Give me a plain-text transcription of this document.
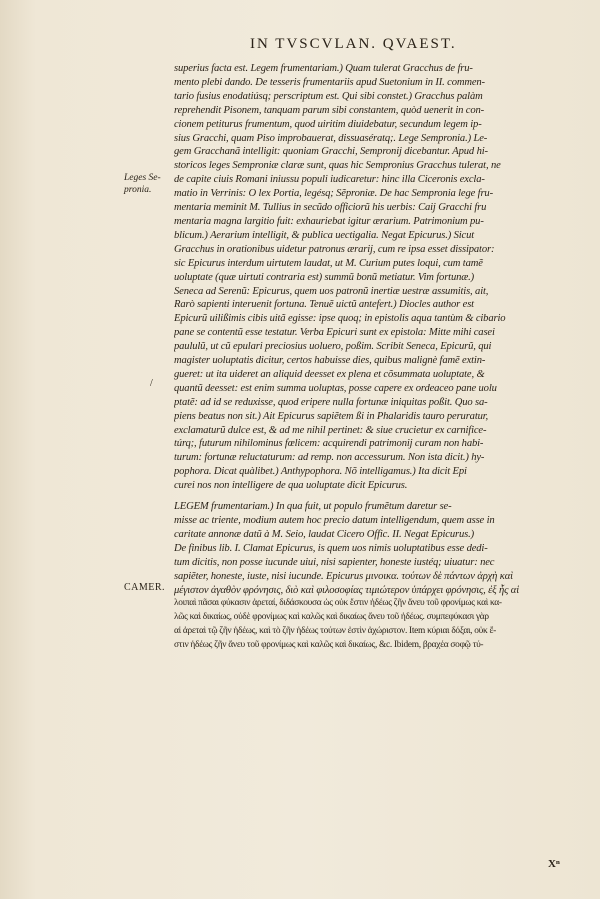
IN TVSCVLAN. QVAEST.
Leges Se-
pronia.
/
CAMER.
superius facta est. Legem frumentariam.) Quam tulerat Gracchus de fru-
mento plebi dando. De tesseris frumentariis apud Suetonium in II. commen-
tario fusius enodatiúsq; perscriptum est. Qui sibi constet.) Gracchus palàm
reprehendit Pisonem, tanquam parum sibi constantem, quòd uenerit in con-
cionem petiturus frumentum, quod uiritim diuidebatur, secundum legem ip-
sius Gracchi, quam Piso improbauerat, dissuasératq;. Lege Sempronia.) Le-
gem Gracchanã intelligit: quoniam Gracchi, Sempronij dicebantur. Apud hi-
storicos leges Semproniæ claræ sunt, quas hic Sempronius Gracchus tulerat, ne
de capite ciuis Romani iniussu populi iudicaretur: hinc illa Ciceronis excla-
matio in Verrinis: O lex Portia, legésq; Sẽproniæ. De hac Sempronia lege fru-
mentaria meminit M. Tullius in secũdo officiorũ his uerbis: Caij Gracchi fru
mentaria magna largitio fuit: exhauriebat igitur ærarium. Patrimonium pu-
blicum.) Aerarium intelligit, & publica uectigalia. Negat Epicurus.) Sicut
Gracchus in orationibus uidetur patronus ærarij, cum re ipsa esset dissipator:
sic Epicurus interdum uirtutem laudat, ut M. Curium putes loqui, cum tamẽ
uoluptate (quæ uirtuti contraria est) summũ bonũ metiatur. Vim fortunæ.)
Seneca ad Serenũ: Epicurus, quem uos patronũ inertiæ uestræ assumitis, ait,
Rarò sapienti interuenit fortuna. Tenuẽ uictũ antefert.) Diocles author est
Epicurũ uilißimis cibis uitã egisse: ipse quoq; in epistolis aqua tantùm & cibario
pane se contentũ esse testatur. Verba Epicuri sunt ex epistola: Mitte mihi casei
paululũ, ut cũ epulari preciosius uoluero, poßim. Scribit Seneca, Epicurũ, qui
magister uoluptatis dicitur, certos habuisse dies, quibus malignè famẽ extin-
gueret: ut ita uideret an aliquid deesset ex plena et cõsummata uoluptate, &
quantũ deesset: est enim summa uoluptas, posse capere ex ordeaceo pane uolu
ptatẽ: ad id se reduxisse, quod eripere nulla fortunæ iniquitas poßit. Quo sa-
piens beatus non sit.) Ait Epicurus sapiẽtem ßi in Phalaridis tauro peruratur,
exclamaturũ dulce est, & ad me nihil pertinet: & siue crucietur ex carnifice-
túrq;, futurum nihilominus fœlicem: acquirendi patrimonij curam non habi-
turum: fortunæ reluctaturum: ad remp. non accessurum. Non ista dicit.) hy-
pophora. Dicat quàlibet.) Anthypophora. Nõ intelligamus.) Ita dicit Epi
curei nos non intelligere de qua uoluptate dicit Epicurus.
LEGEM frumentariam.) In qua fuit, ut populo frumẽtum daretur se-
misse ac triente, modium autem hoc precio datum intelligendum, quem asse in
caritate annonæ datũ à M. Seio, laudat Cicero Offic. II. Negat Epicurus.)
De finibus lib. I. Clamat Epicurus, is quem uos nimis uoluptatibus esse dedi-
tum dicitis, non posse iucunde uiui, nisi sapienter, honeste iustéq; uiuatur: nec
sapiẽter, honeste, iuste, nisi iucunde. Epicurus μινοικα. τούτων δὲ πάντων ἀρχὴ καὶ
μέγιστον ἀγαθὸν φρόνησις, διὸ καὶ φιλοσοφίας τιμιώτερον ὑπάρχει φρόνησις, ἐξ ἧς αἱ
λοιπαὶ πᾶσαι φύκασιν ἀρεταί, διδάσκουσα ὡς οὐκ ἔστιν ἡδέως ζῆν ἄνευ τοῦ φρονίμως καὶ κα-
λῶς καὶ δικαίως, οὐδὲ φρονίμως καὶ καλῶς καὶ δικαίως ἄνευ τοῦ ἡδέως. συμπεφύκασι γὰρ
αἱ ἀρεταὶ τῷ ζῆν ἡδέως, καὶ τὸ ζῆν ἡδέως τούτων ἐστὶν ἀχώριστον. Item κύριαι δόξαι, οὐκ ἔ-
στιν ἡδέως ζῆν ἄνευ τοῦ φρονίμως καὶ καλῶς καὶ δικαίως, &c. Ibidem, βραχέα σοφῷ τύ-
Xⁿ
